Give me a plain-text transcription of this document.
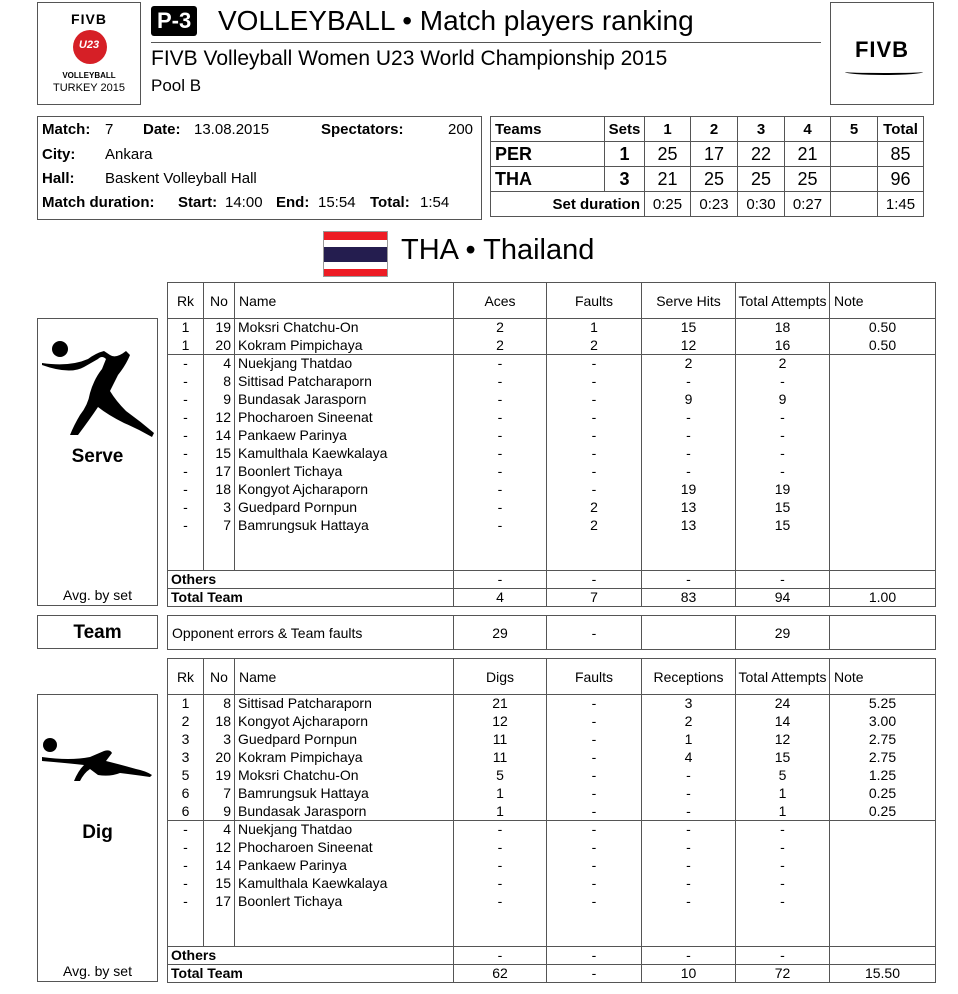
FIVB
U23
VOLLEYBALL
TURKEY 2015
P-3 VOLLEYBALL • Match players ranking
FIVB Volleyball Women U23 World Championship 2015
Pool B
FIVB
Match: 7 Date: 13.08.2015	Spectators:	200
City: Ankara
Hall: Baskent Volleyball Hall
Match duration: Start: 14:00 End: 15:54 Total: 1:54
Teams	Sets	1	2	3	4	5	Total
PER	1	25	17	22	21		85
THA	3	21	25	25	25		96
Set duration		0:25	0:23	0:30	0:27		1:45
THA • Thailand
Serve
Avg. by set
Rk	No	Name	Aces	Faults	Serve Hits	Total Attempts	Note
1	19	Moksri Chatchu-On	2	1	15	18	0.50
1	20	Kokram Pimpichaya	2	2	12	16	0.50
-	4	Nuekjang Thatdao	-	-	2	2	
-	8	Sittisad Patcharaporn	-	-	-	-	
-	9	Bundasak Jarasporn	-	-	9	9	
-	12	Phocharoen Sineenat	-	-	-	-	
-	14	Pankaew Parinya	-	-	-	-	
-	15	Kamulthala Kaewkalaya	-	-	-	-	
-	17	Boonlert Tichaya	-	-	-	-	
-	18	Kongyot Ajcharaporn	-	-	19	19	
-	3	Guedpard Pornpun	-	2	13	15	
-	7	Bamrungsuk Hattaya	-	2	13	15	

Others			-	-	-	-	
Total Team			4	7	83	94	1.00
Team	Opponent errors & Team faults	29	-		29	
Dig
Avg. by set
Rk	No	Name	Digs	Faults	Receptions	Total Attempts	Note
1	8	Sittisad Patcharaporn	21	-	3	24	5.25
2	18	Kongyot Ajcharaporn	12	-	2	14	3.00
3	3	Guedpard Pornpun	11	-	1	12	2.75
3	20	Kokram Pimpichaya	11	-	4	15	2.75
5	19	Moksri Chatchu-On	5	-	-	5	1.25
6	7	Bamrungsuk Hattaya	1	-	-	1	0.25
6	9	Bundasak Jarasporn	1	-	-	1	0.25
-	4	Nuekjang Thatdao	-	-	-	-	
-	12	Phocharoen Sineenat	-	-	-	-	
-	14	Pankaew Parinya	-	-	-	-	
-	15	Kamulthala Kaewkalaya	-	-	-	-	
-	17	Boonlert Tichaya	-	-	-	-	

Others			-	-	-	-	
Total Team			62	-	10	72	15.50
